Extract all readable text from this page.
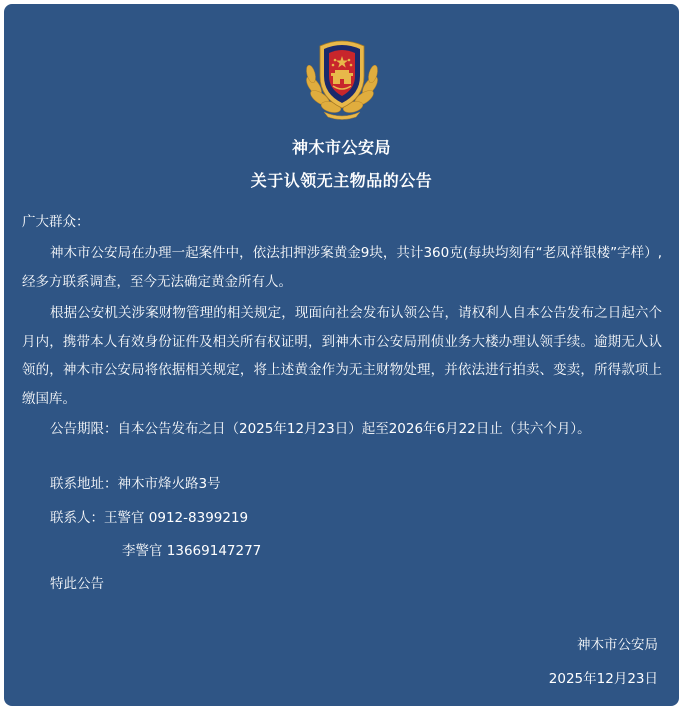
神木市公安局
关于认领无主物品的公告

广大群众：

神木市公安局在办理一起案件中，依法扣押涉案黄金9块，共计360克(每块均刻有“老凤祥银楼”字样）,经多方联系调查，至今无法确定黄金所有人。

根据公安机关涉案财物管理的相关规定，现面向社会发布认领公告，请权利人自本公告发布之日起六个月内，携带本人有效身份证件及相关所有权证明，到神木市公安局刑侦业务大楼办理认领手续。逾期无人认领的，神木市公安局将依据相关规定，将上述黄金作为无主财物处理，并依法进行拍卖、变卖，所得款项上缴国库。

公告期限：自本公告发布之日（2025年12月23日）起至2026年6月22日止（共六个月）。

联系地址：神木市烽火路3号

联系人：王警官 0912-8399219

李警官 13669147277

特此公告

神木市公安局
2025年12月23日
